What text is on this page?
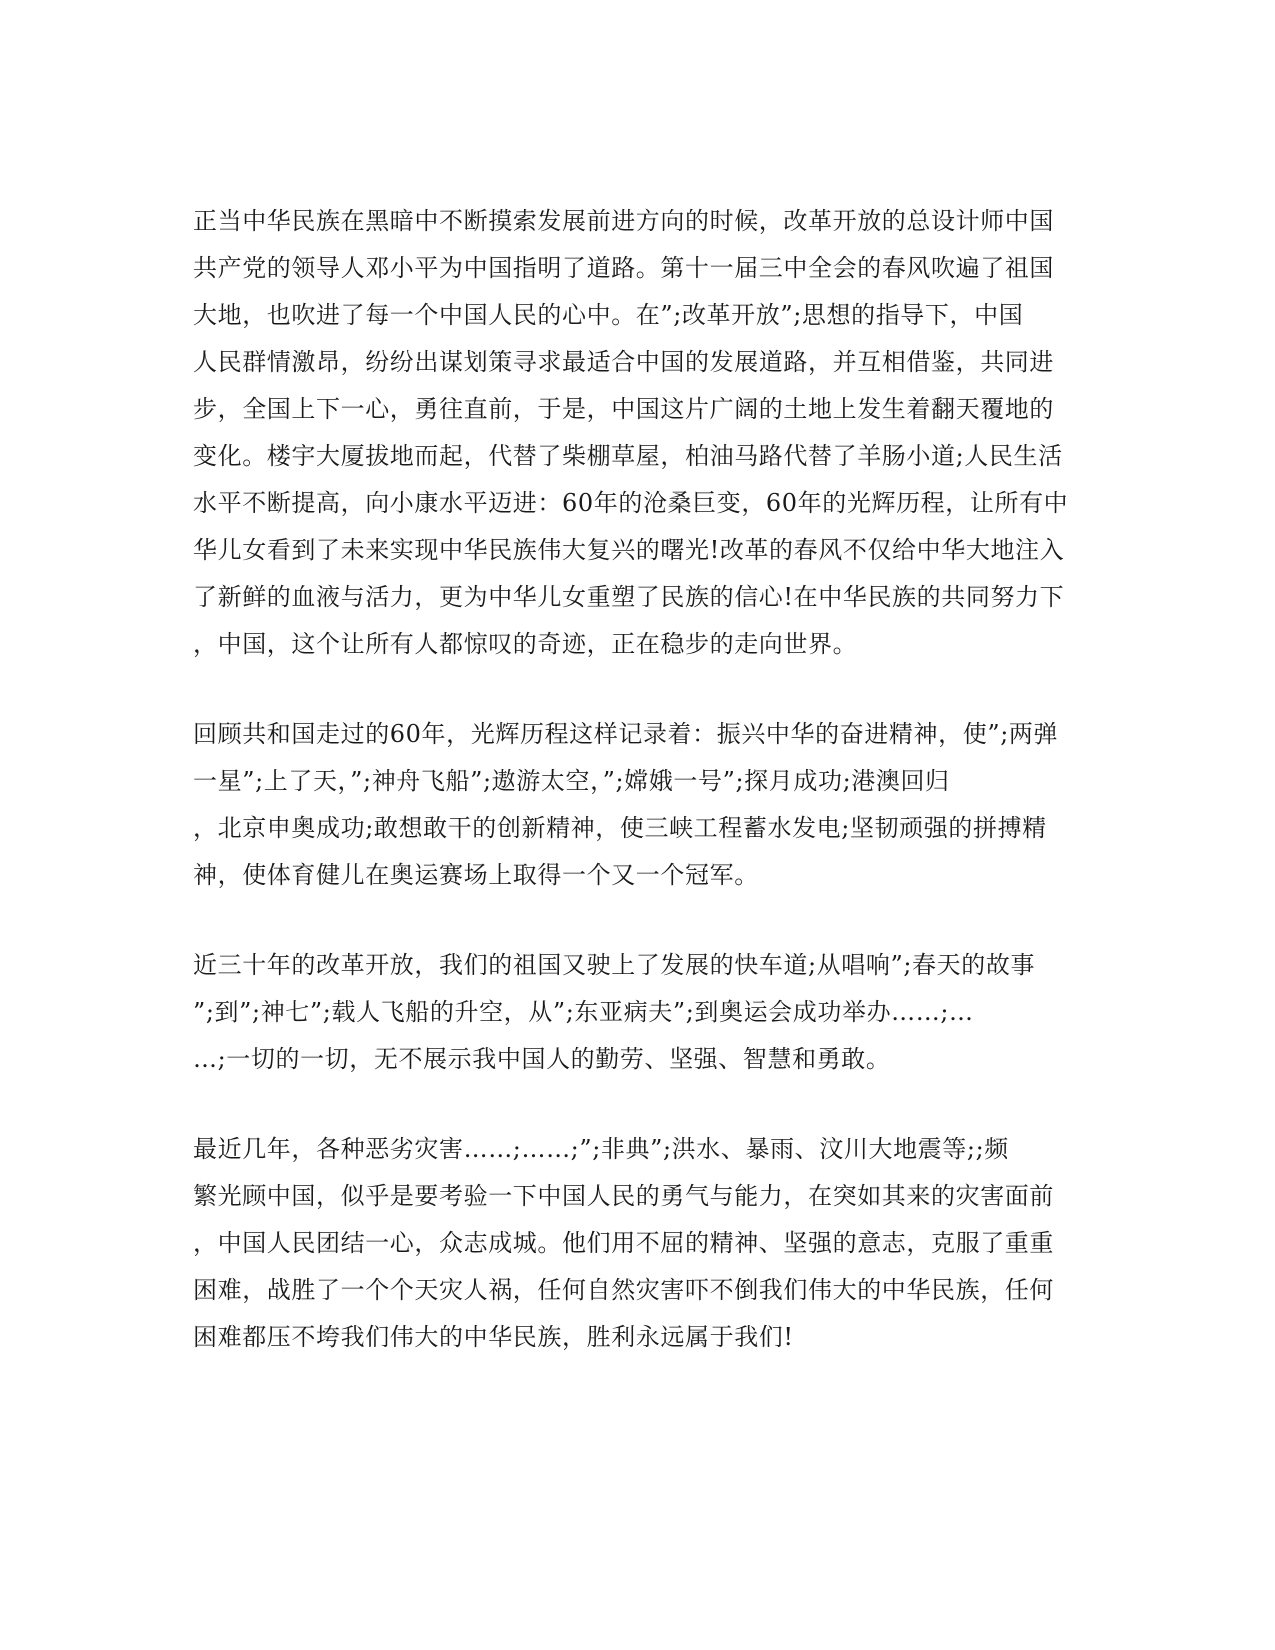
正当中华民族在黑暗中不断摸索发展前进方向的时候，改革开放的总设计师中国
共产党的领导人邓小平为中国指明了道路。第十一届三中全会的春风吹遍了祖国
大地，也吹进了每一个中国人民的心中。在”;改革开放”;思想的指导下，中国
人民群情激昂，纷纷出谋划策寻求最适合中国的发展道路，并互相借鉴，共同进
步，全国上下一心，勇往直前，于是，中国这片广阔的土地上发生着翻天覆地的
变化。楼宇大厦拔地而起，代替了柴棚草屋，柏油马路代替了羊肠小道;人民生活
水平不断提高，向小康水平迈进：60年的沧桑巨变，60年的光辉历程，让所有中
华儿女看到了未来实现中华民族伟大复兴的曙光!改革的春风不仅给中华大地注入
了新鲜的血液与活力，更为中华儿女重塑了民族的信心!在中华民族的共同努力下
，中国，这个让所有人都惊叹的奇迹，正在稳步的走向世界。
回顾共和国走过的60年，光辉历程这样记录着：振兴中华的奋进精神，使”;两弹
一星”;上了天，”;神舟飞船”;遨游太空，”;嫦娥一号”;探月成功;港澳回归
，北京申奥成功;敢想敢干的创新精神，使三峡工程蓄水发电;坚韧顽强的拼搏精
神，使体育健儿在奥运赛场上取得一个又一个冠军。
近三十年的改革开放，我们的祖国又驶上了发展的快车道;从唱响”;春天的故事
”;到”;神七”;载人飞船的升空，从”;东亚病夫”;到奥运会成功举办……;…
…;一切的一切，无不展示我中国人的勤劳、坚强、智慧和勇敢。
最近几年，各种恶劣灾害……;……;”;非典”;洪水、暴雨、汶川大地震等;;频
繁光顾中国，似乎是要考验一下中国人民的勇气与能力，在突如其来的灾害面前
，中国人民团结一心，众志成城。他们用不屈的精神、坚强的意志，克服了重重
困难，战胜了一个个天灾人祸，任何自然灾害吓不倒我们伟大的中华民族，任何
困难都压不垮我们伟大的中华民族，胜利永远属于我们!
